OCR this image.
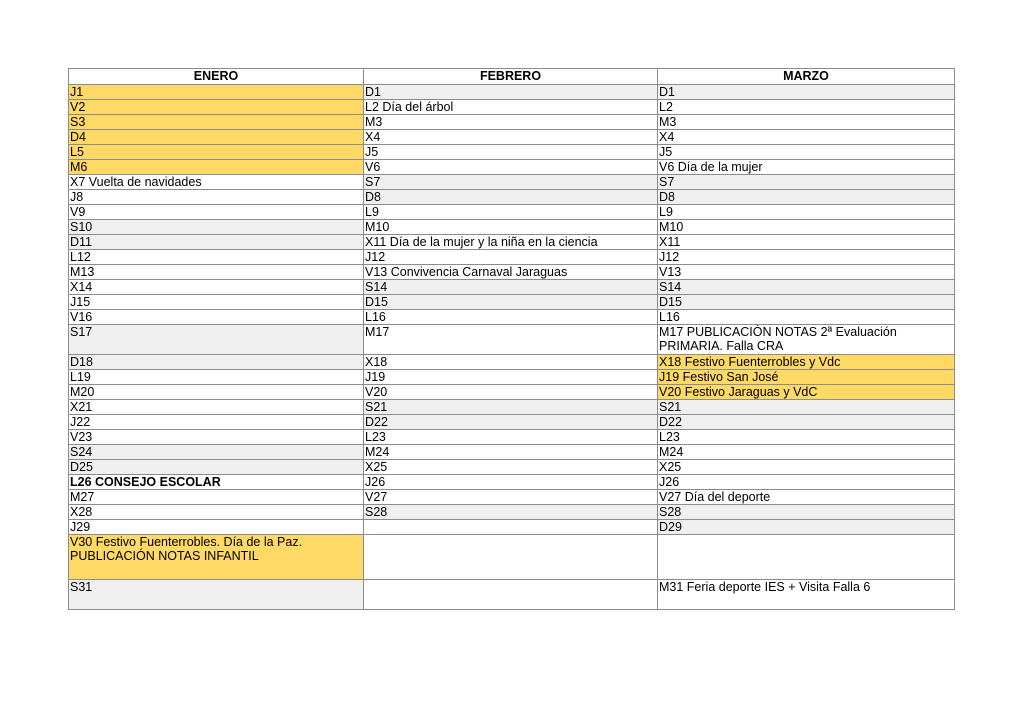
ENERO	FEBRERO	MARZO
J1	D1	D1
V2	L2 Día del árbol	L2
S3	M3	M3
D4	X4	X4
L5	J5	J5
M6	V6	V6 Día de la mujer
X7 Vuelta de navidades	S7	S7
J8	D8	D8
V9	L9	L9
S10	M10	M10
D11	X11 Día de la mujer y la niña en la ciencia	X11
L12	J12	J12
M13	V13 Convivencia Carnaval Jaraguas	V13
X14	S14	S14
J15	D15	D15
V16	L16	L16
S17	M17	M17 PUBLICACIÓN NOTAS 2ª Evaluación PRIMARIA. Falla CRA
D18	X18	X18 Festivo Fuenterrobles y Vdc
L19	J19	J19 Festivo San José
M20	V20	V20 Festivo Jaraguas y VdC
X21	S21	S21
J22	D22	D22
V23	L23	L23
S24	M24	M24
D25	X25	X25
L26 CONSEJO ESCOLAR	J26	J26
M27	V27	V27 Día del deporte
X28	S28	S28
J29		D29
V30 Festivo Fuenterrobles. Día de la Paz. PUBLICACIÓN NOTAS INFANTIL		
S31		M31 Feria deporte IES + Visita Falla 6
